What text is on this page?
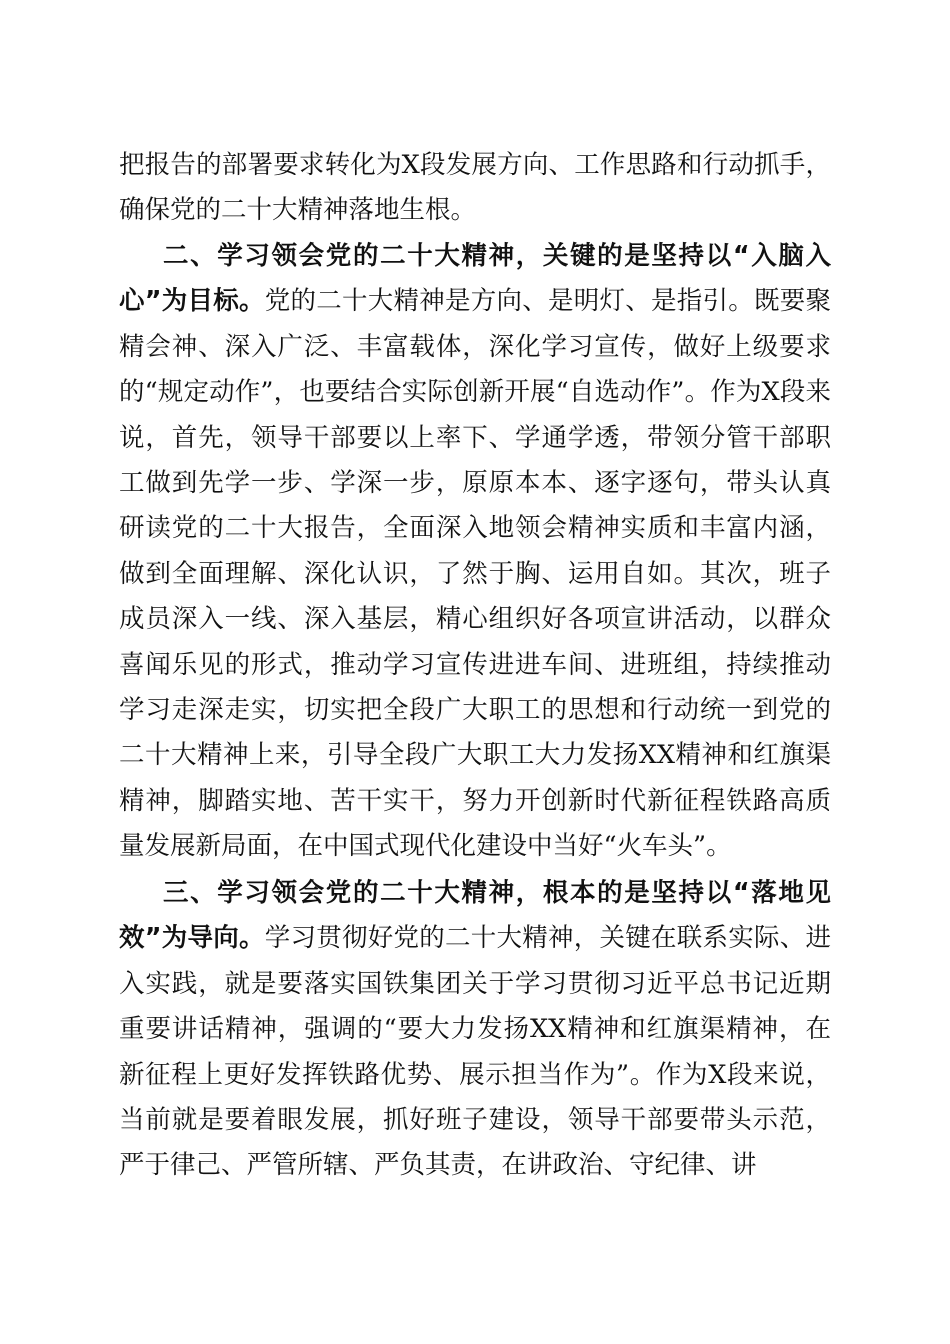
把报告的部署要求转化为Ⅹ段发展方向、工作思路和行动抓手，确保党的二十大精神落地生根。

二、学习领会党的二十大精神，关键的是坚持以“入脑入心”为目标。党的二十大精神是方向、是明灯、是指引。既要聚精会神、深入广泛、丰富载体，深化学习宣传，做好上级要求的“规定动作”，也要结合实际创新开展“自选动作”。作为Ⅹ段来说，首先，领导干部要以上率下、学通学透，带领分管干部职工做到先学一步、学深一步，原原本本、逐字逐句，带头认真研读党的二十大报告，全面深入地领会精神实质和丰富内涵，做到全面理解、深化认识，了然于胸、运用自如。其次，班子成员深入一线、深入基层，精心组织好各项宣讲活动，以群众喜闻乐见的形式，推动学习宣传进进车间、进班组，持续推动学习走深走实，切实把全段广大职工的思想和行动统一到党的二十大精神上来，引导全段广大职工大力发扬XX精神和红旗渠精神，脚踏实地、苦干实干，努力开创新时代新征程铁路高质量发展新局面，在中国式现代化建设中当好“火车头”。

三、学习领会党的二十大精神，根本的是坚持以“落地见效”为导向。学习贯彻好党的二十大精神，关键在联系实际、进入实践，就是要落实国铁集团关于学习贯彻习近平总书记近期重要讲话精神，强调的“要大力发扬XX精神和红旗渠精神，在新征程上更好发挥铁路优势、展示担当作为”。作为Ⅹ段来说，当前就是要着眼发展，抓好班子建设，领导干部要带头示范，严于律己、严管所辖、严负其责，在讲政治、守纪律、讲
